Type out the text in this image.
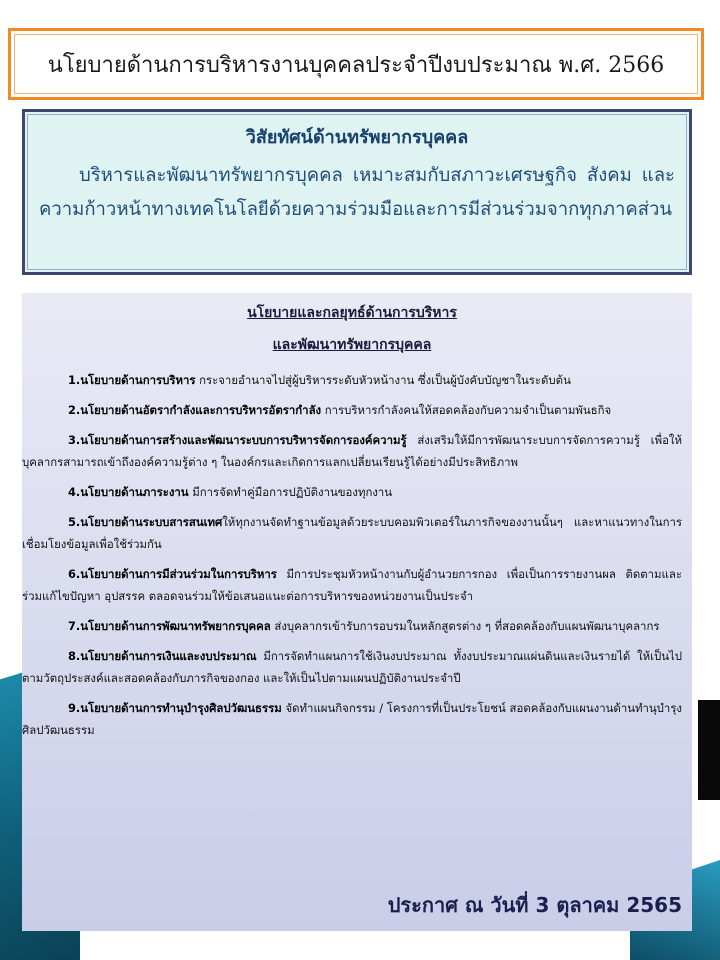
นโยบายด้านการบริหารงานบุคคลประจำปีงบประมาณ พ.ศ. 2566
วิสัยทัศน์ด้านทรัพยากรบุคคล
บริหารและพัฒนาทรัพยากรบุคคล เหมาะสมกับสภาวะเศรษฐกิจ สังคม และความก้าวหน้าทางเทคโนโลยีด้วยความร่วมมือและการมีส่วนร่วมจากทุกภาคส่วน
นโยบายและกลยุทธ์ด้านการบริหาร
และพัฒนาทรัพยากรบุคคล
1.นโยบายด้านการบริหาร กระจายอำนาจไปสู่ผู้บริหารระดับหัวหน้างาน ซึ่งเป็นผู้บังคับบัญชาในระดับต้น
2.นโยบายด้านอัตรากำลังและการบริหารอัตรากำลัง การบริหารกำลังคนให้สอดคล้องกับความจำเป็นตามพันธกิจ
3.นโยบายด้านการสร้างและพัฒนาระบบการบริหารจัดการองค์ความรู้ ส่งเสริมให้มีการพัฒนาระบบการจัดการความรู้ เพื่อให้บุคลากรสามารถเข้าถึงองค์ความรู้ต่าง ๆ ในองค์กรและเกิดการแลกเปลี่ยนเรียนรู้ได้อย่างมีประสิทธิภาพ
4.นโยบายด้านภาระงาน มีการจัดทำคู่มือการปฏิบัติงานของทุกงาน
5.นโยบายด้านระบบสารสนเทศให้ทุกงานจัดทำฐานข้อมูลด้วยระบบคอมพิวเตอร์ในภารกิจของงานนั้นๆ และหาแนวทางในการเชื่อมโยงข้อมูลเพื่อใช้ร่วมกัน
6.นโยบายด้านการมีส่วนร่วมในการบริหาร มีการประชุมหัวหน้างานกับผู้อำนวยการกอง เพื่อเป็นการรายงานผล ติดตามและร่วมแก้ไขปัญหา อุปสรรค ตลอดจนร่วมให้ข้อเสนอแนะต่อการบริหารของหน่วยงานเป็นประจำ
7.นโยบายด้านการพัฒนาทรัพยากรบุคคล ส่งบุคลากรเข้ารับการอบรมในหลักสูตรต่าง ๆ ที่สอดคล้องกับแผนพัฒนาบุคลากร
8.นโยบายด้านการเงินและงบประมาณ มีการจัดทำแผนการใช้เงินงบประมาณ ทั้งงบประมาณแผ่นดินและเงินรายได้ ให้เป็นไปตามวัตถุประสงค์และสอดคล้องกับภารกิจของกอง และให้เป็นไปตามแผนปฏิบัติงานประจำปี
9.นโยบายด้านการทำนุบำรุงศิลปวัฒนธรรม จัดทำแผนกิจกรรม / โครงการที่เป็นประโยชน์ สอดคล้องกับแผนงานด้านทำนุบำรุงศิลปวัฒนธรรม
ประกาศ ณ วันที่ 3 ตุลาคม 2565
